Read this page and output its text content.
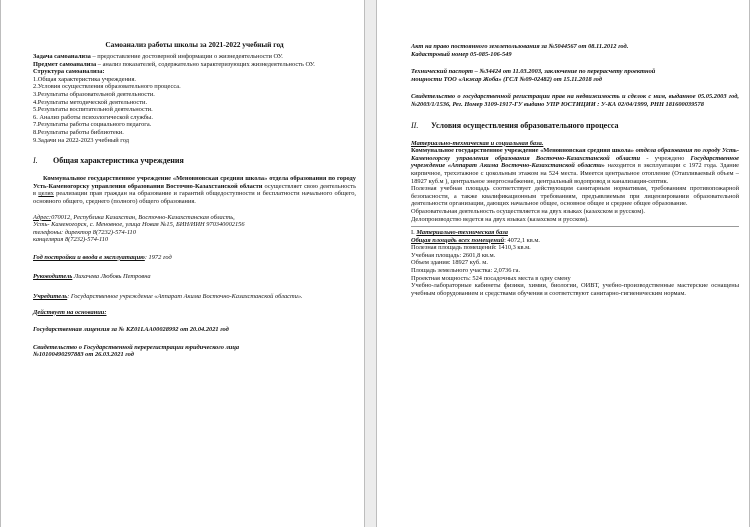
Самоанализ работы школы за 2021-2022 учебный год

Задача самоанализа – предоставление достоверной информации о жизнедеятельности ОУ.

Предмет самоанализа – анализ показателей, содержательно характеризующих жизнедеятельность ОУ.

Структура самоанализа:

1.Общая характеристика учреждения.

2.Условия осуществления образовательного процесса.

3.Результаты образовательной деятельности.

4.Результаты методической деятельности.

5.Результаты воспитательной деятельности.

6. Анализ работы психологической службы.

7.Результаты работы социального педагога.

8.Результаты работы библиотеки.

9.Задачи на 2022-2023 учебный год

I.	Общая характеристика учреждения

Коммунальное государственное учреждение «Меновновская средняя школа» отдела образования по городу Усть-Каменогорску управления образования Восточно-Казахстанской области осуществляет свою деятельность в целях реализации прав граждан на образование и гарантий общедоступности и бесплатности начального общего, основного общего, среднего (полного) общего образования.

Адрес:070012, Республика Казахстан, Восточно-Казахстанская область,

Усть- Каменогорск, с. Меновное, улица Новая №15, БИН/ИИН 970340002156

телефоны: директор 8(7232)-574-110

канцелярия 8(7232)-574-110

Год постройки и ввода в эксплуатацию: 1972 год

Руководитель Лихачева Любовь Петровна

Учредитель: Государственное учреждение «Аппарат Акима Восточно-Казахстанской области».

Действует на основании:

Государственная лицензия за № KZ01LAA00028992 от 20.04.2021 год

Свидетельство о Государственной перерегистрации юридического лица

№10100490297883 от 26.03.2021 год

Акт на право постоянного землепользования за №5044567 от 08.11.2012 год.

Кадастровый номер 05-085-106-549

Технический паспорт – №34424 от 11.03.2003, заключение по перерасчету проектной

мощности ТОО «Акжар Жоба» (ГСЛ №09-02482) от 15.11.2018 год

Свидетельство о государственной регистрации прав на недвижимость и сделок с ним, выданное 05.05.2003 год, №2003/1/1536, Рег. Номер 3109-1917-ГУ выдано УПР ЮСТИЦИИ : У-КА 02/04/1999, РНН 181600039578

II.	Условия осуществления образовательного процесса

Материально-техническая и социальная база.

Коммунальное государственное учреждение «Меновновская средняя школа» отдела образования по городу Усть-Каменогорску управления образования Восточно-Казахстанской области - учреждено Государственное учреждение «Аппарат Акима Восточно-Казахстанской области» находится в эксплуатации с 1972 года. Здание кирпичное, трехэтажное с цокольным этажом на 524 места. Имеется центральное отопление (Отапливаемый объем – 18927 куб.м ), центральное энергоснабжение, центральный водопровод и канализация-септик.

Полезная учебная площадь соответствует действующим санитарным нормативам, требованиям противопожарной безопасности, а также квалификационным требованиям, предъявляемым при лицензировании образовательной деятельности организации, дающих начальное общее, основное общее и среднее общее образование.

Образовательная деятельность осуществляется на двух языках (казахском и русском).

Делопроизводство ведется на двух языках (казахском и русском).

I. Материально-техническая база

Общая площадь всех помещений: 4072,1 кв.м.

Полезная площадь помещений: 1410,3 кв.м.

Учебная площадь: 2601,8 кв.м.

Объем здания: 18927 куб. м.

Площадь земельного участка: 2,0736 га.

Проектная мощность: 524 посадочных места в одну смену

Учебно-лабораторные кабинеты физики, химии, биологии, ОИВТ, учебно-производственные мастерские оснащены учебным оборудованием и средствами обучения и соответствуют санитарно-гигиеническим нормам.
